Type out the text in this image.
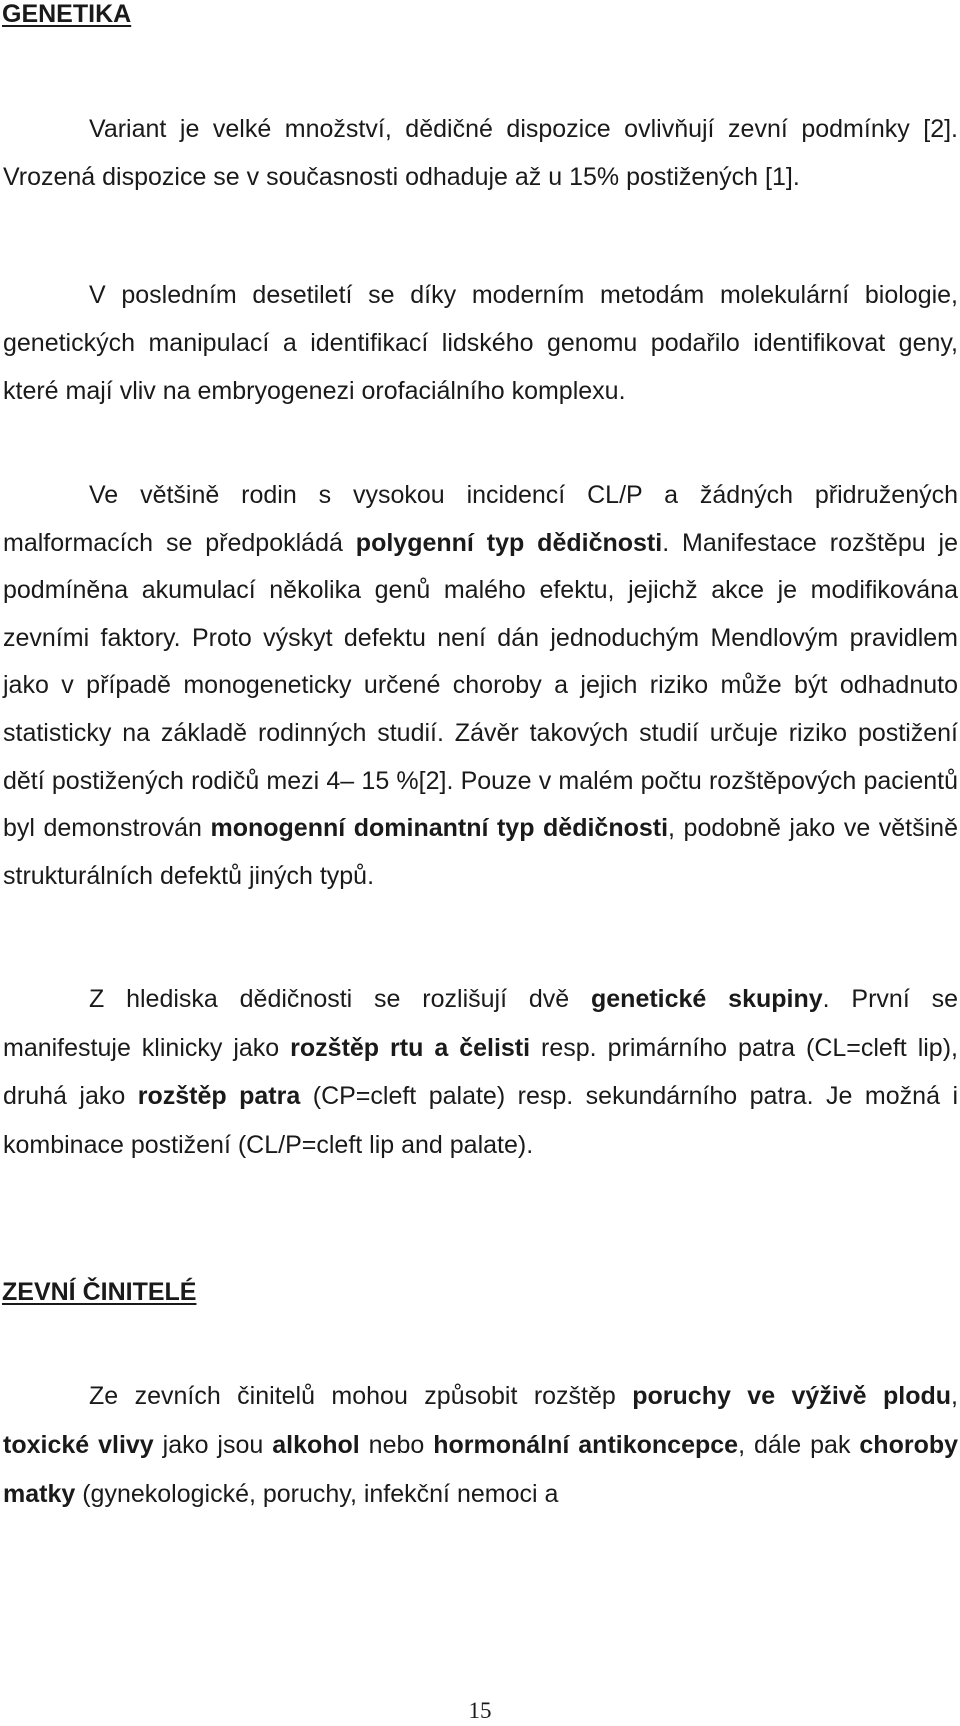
GENETIKA

Variant je velké množství, dědičné dispozice ovlivňují zevní podmínky [2]. Vrozená dispozice se v současnosti odhaduje až u 15% postižených [1].

V posledním desetiletí se díky moderním metodám molekulární biologie, genetických manipulací a identifikací lidského genomu podařilo identifikovat geny, které mají vliv na embryogenezi orofaciálního komplexu.

Ve většině rodin s vysokou incidencí CL/P a žádných přidružených malformacích se předpokládá polygenní typ dědičnosti. Manifestace rozštěpu je podmíněna akumulací několika genů malého efektu, jejichž akce je modifikována zevními faktory. Proto výskyt defektu není dán jednoduchým Mendlovým pravidlem jako v případě monogeneticky určené choroby a jejich riziko může být odhadnuto statisticky na základě rodinných studií. Závěr takových studií určuje riziko postižení dětí postižených rodičů mezi 4– 15 %[2]. Pouze v malém počtu rozštěpových pacientů byl demonstrován monogenní dominantní typ dědičnosti, podobně jako ve většině strukturálních defektů jiných typů.

Z hlediska dědičnosti se rozlišují dvě genetické skupiny. První se manifestuje klinicky jako rozštěp rtu a čelisti resp. primárního patra (CL=cleft lip), druhá jako rozštěp patra (CP=cleft palate) resp. sekundárního patra. Je možná i kombinace postižení (CL/P=cleft lip and palate).

ZEVNÍ ČINITELÉ

Ze zevních činitelů mohou způsobit rozštěp poruchy ve výživě plodu, toxické vlivy jako jsou alkohol nebo hormonální antikoncepce, dále pak choroby matky (gynekologické, poruchy, infekční nemoci a

15
